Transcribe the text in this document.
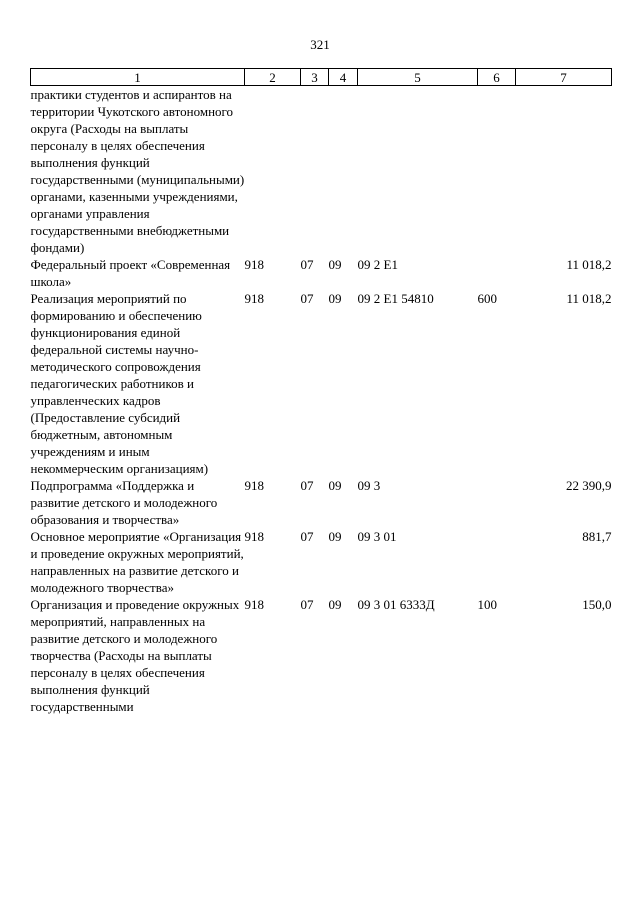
321
1	2	3	4	5	6	7
практики студентов и аспирантов на территории Чукотского автономного округа (Расходы на выплаты персоналу в целях обеспечения выполнения функций государственными (муниципальными) органами, казенными учреждениями, органами управления государственными внебюджетными фондами)						
Федеральный проект «Современная школа»	918	07	09	09 2 E1		11 018,2
Реализация мероприятий по формированию и обеспечению функционирования единой федеральной системы научно-методического сопровождения педагогических работников и управленческих кадров (Предоставление субсидий бюджетным, автономным учреждениям и иным некоммерческим организациям)	918	07	09	09 2 E1 54810	600	11 018,2
Подпрограмма «Поддержка и развитие детского и молодежного образования и творчества»	918	07	09	09 3		22 390,9
Основное мероприятие «Организация и проведение окружных мероприятий, направленных на развитие детского и молодежного творчества»	918	07	09	09 3 01		881,7
Организация и проведение окружных мероприятий, направленных на развитие детского и молодежного творчества (Расходы на выплаты персоналу в целях обеспечения выполнения функций государственными	918	07	09	09 3 01 6333Д	100	150,0
